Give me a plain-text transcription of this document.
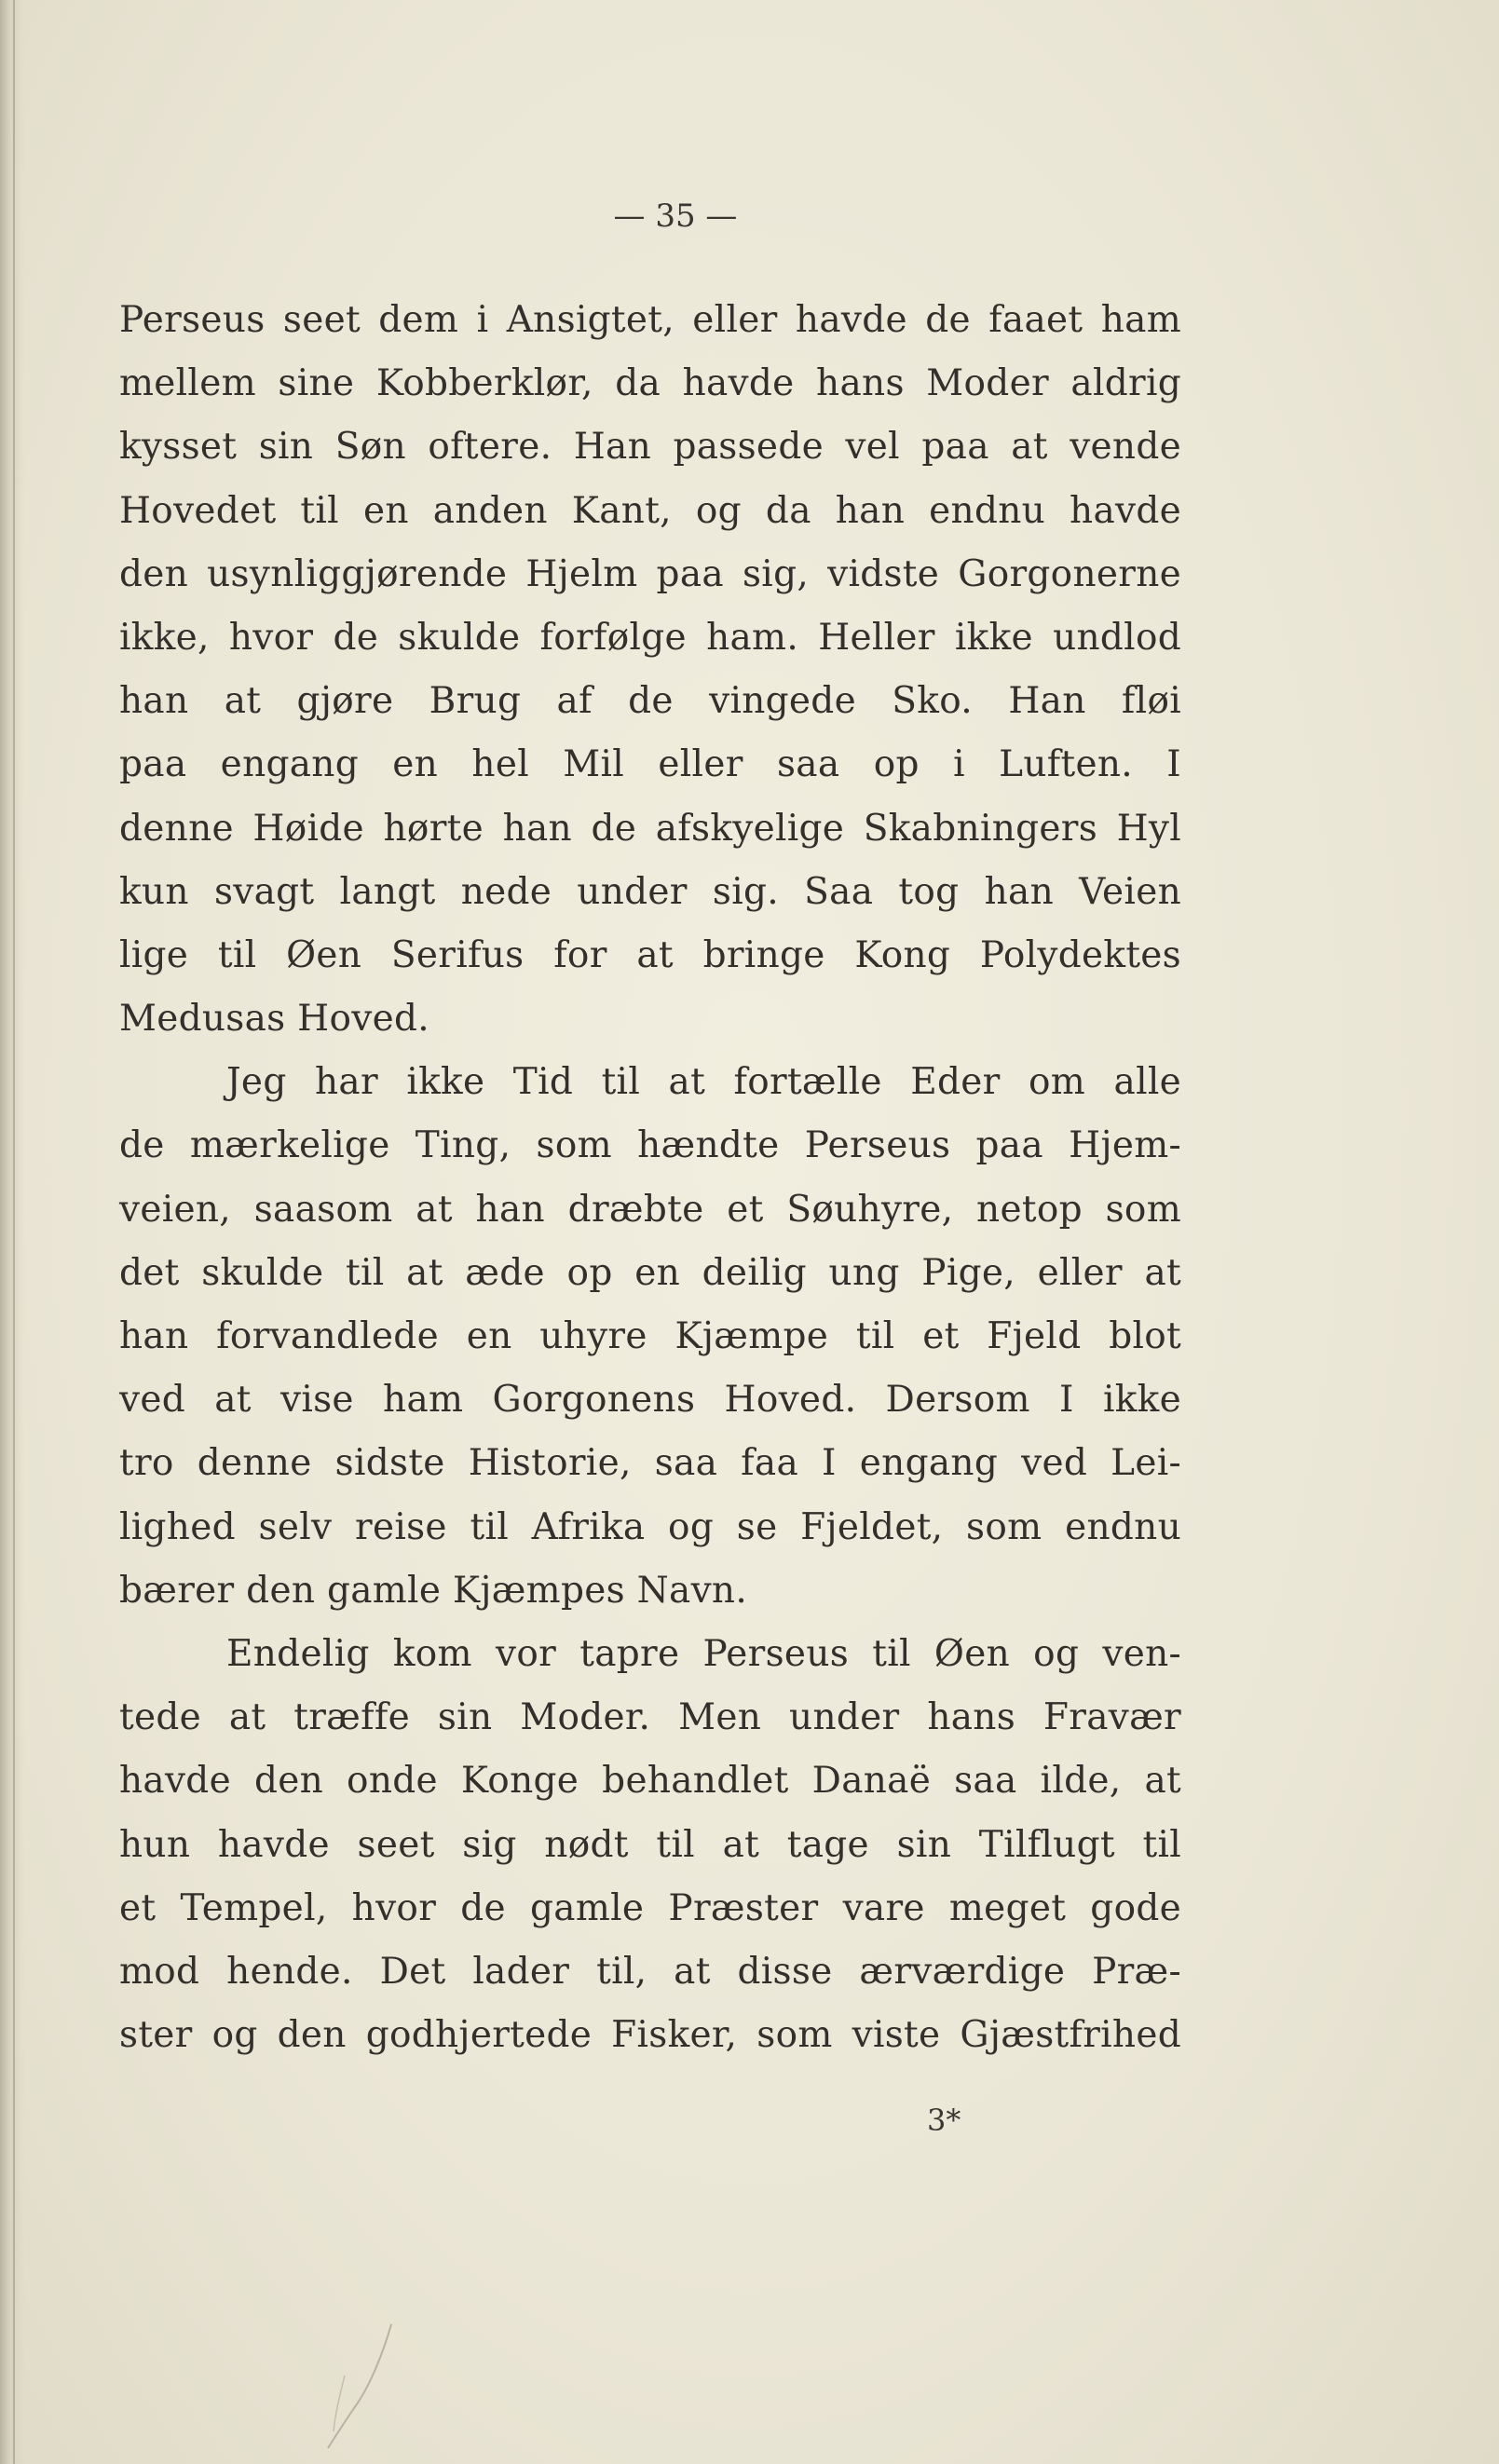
— 35 —
Perseus seet dem i Ansigtet, eller havde de faaet ham
mellem sine Kobberklør, da havde hans Moder aldrig
kysset sin Søn oftere. Han passede vel paa at vende
Hovedet til en anden Kant, og da han endnu havde
den usynliggjørende Hjelm paa sig, vidste Gorgonerne
ikke, hvor de skulde forfølge ham. Heller ikke undlod
han at gjøre Brug af de vingede Sko. Han fløi
paa engang en hel Mil eller saa op i Luften. I
denne Høide hørte han de afskyelige Skabningers Hyl
kun svagt langt nede under sig. Saa tog han Veien
lige til Øen Serifus for at bringe Kong Polydektes
Medusas Hoved.
Jeg har ikke Tid til at fortælle Eder om alle
de mærkelige Ting, som hændte Perseus paa Hjem-
veien, saasom at han dræbte et Søuhyre, netop som
det skulde til at æde op en deilig ung Pige, eller at
han forvandlede en uhyre Kjæmpe til et Fjeld blot
ved at vise ham Gorgonens Hoved. Dersom I ikke
tro denne sidste Historie, saa faa I engang ved Lei-
lighed selv reise til Afrika og se Fjeldet, som endnu
bærer den gamle Kjæmpes Navn.
Endelig kom vor tapre Perseus til Øen og ven-
tede at træffe sin Moder. Men under hans Fravær
havde den onde Konge behandlet Danaë saa ilde, at
hun havde seet sig nødt til at tage sin Tilflugt til
et Tempel, hvor de gamle Præster vare meget gode
mod hende. Det lader til, at disse ærværdige Præ-
ster og den godhjertede Fisker, som viste Gjæstfrihed
3*
